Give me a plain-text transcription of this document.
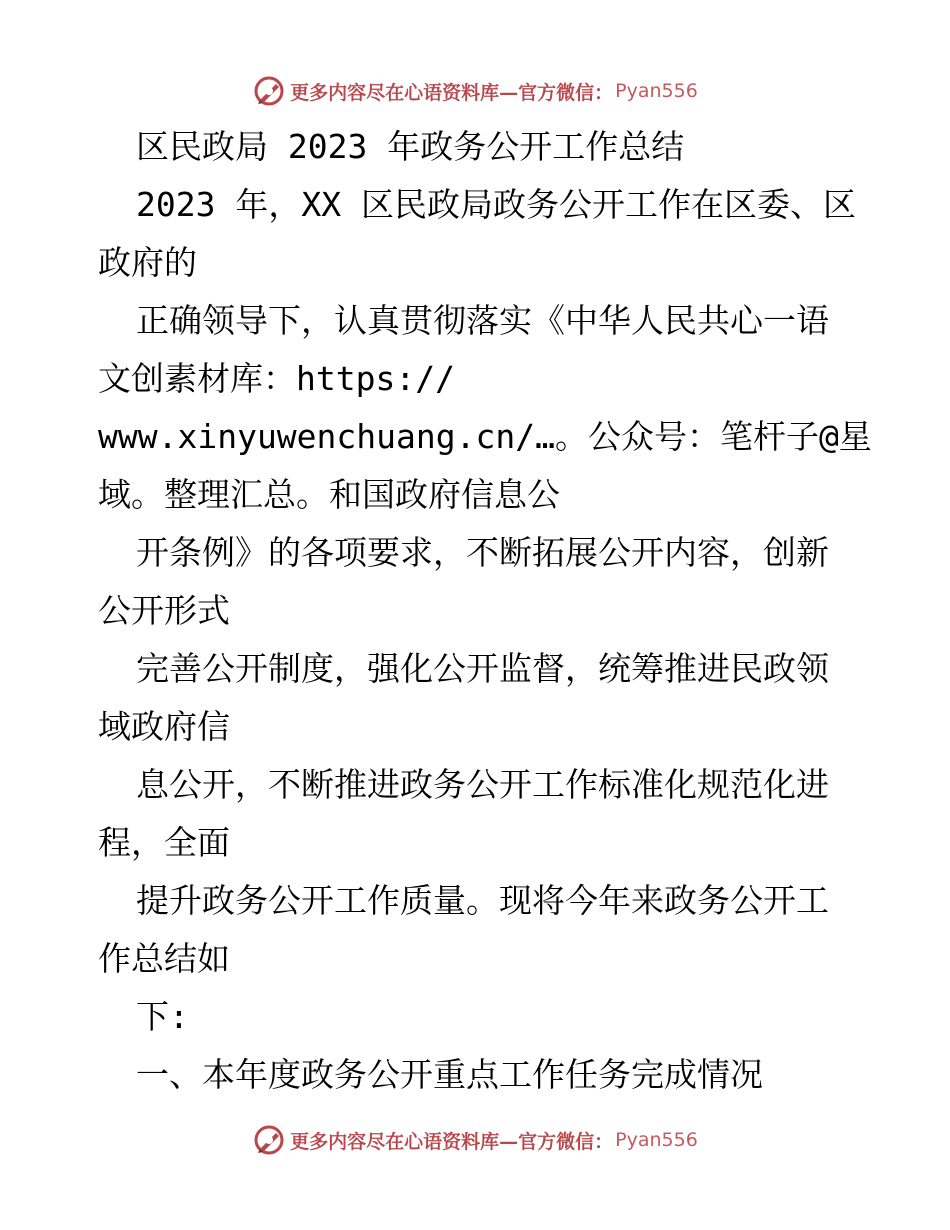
更多内容尽在心语资料库—官方微信： Pyan556
区民政局 2023 年政务公开工作总结
2023 年，XX 区民政局政务公开工作在区委、区
政府的
正确领导下，认真贯彻落实《中华人民共心一语
文创素材库：https://
www.xinyuwenchuang.cn/…。公众号：笔杆子@星
域。整理汇总。和国政府信息公
开条例》的各项要求，不断拓展公开内容，创新
公开形式
完善公开制度，强化公开监督，统筹推进民政领
域政府信
息公开，不断推进政务公开工作标准化规范化进
程，全面
提升政务公开工作质量。现将今年来政务公开工
作总结如
下:
一、本年度政务公开重点工作任务完成情况
更多内容尽在心语资料库—官方微信： Pyan556
